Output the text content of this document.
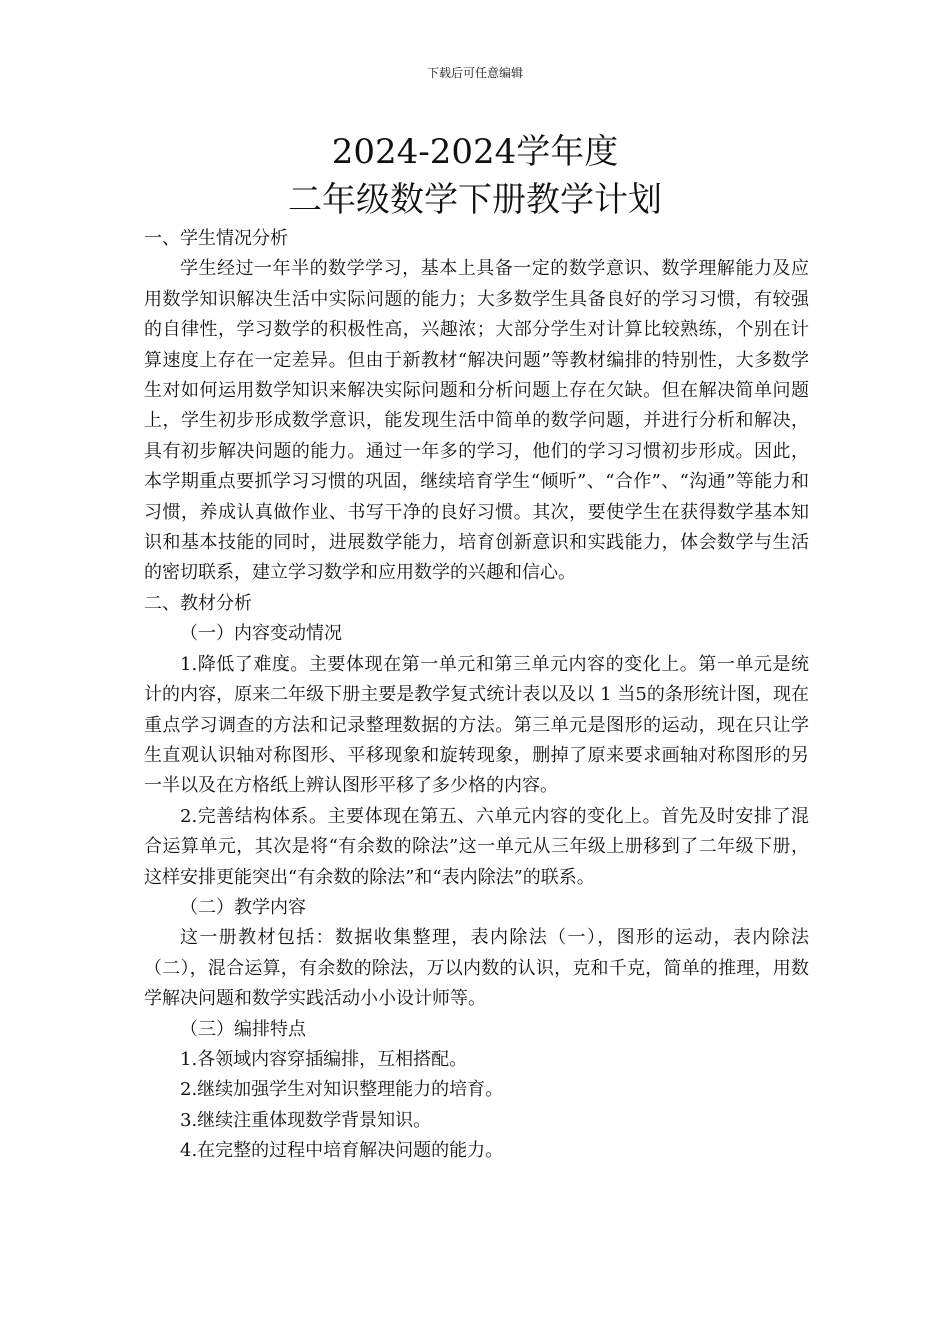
下载后可任意编辑
2024-2024学年度
二年级数学下册教学计划

一、学生情况分析

学生经过一年半的数学学习，基本上具备一定的数学意识、数学理解能力及应用数学知识解决生活中实际问题的能力；大多数学生具备良好的学习习惯，有较强的自律性，学习数学的积极性高，兴趣浓；大部分学生对计算比较熟练，个别在计算速度上存在一定差异。但由于新教材“解决问题”等教材编排的特别性，大多数学生对如何运用数学知识来解决实际问题和分析问题上存在欠缺。但在解决简单问题上，学生初步形成数学意识，能发现生活中简单的数学问题，并进行分析和解决，具有初步解决问题的能力。通过一年多的学习，他们的学习习惯初步形成。因此，本学期重点要抓学习习惯的巩固，继续培育学生“倾听”、“合作”、“沟通”等能力和习惯，养成认真做作业、书写干净的良好习惯。其次，要使学生在获得数学基本知识和基本技能的同时，进展数学能力，培育创新意识和实践能力，体会数学与生活的密切联系，建立学习数学和应用数学的兴趣和信心。

二、教材分析

（一）内容变动情况

1.降低了难度。主要体现在第一单元和第三单元内容的变化上。第一单元是统计的内容，原来二年级下册主要是教学复式统计表以及以 1 当5的条形统计图，现在重点学习调查的方法和记录整理数据的方法。第三单元是图形的运动，现在只让学生直观认识轴对称图形、平移现象和旋转现象，删掉了原来要求画轴对称图形的另一半以及在方格纸上辨认图形平移了多少格的内容。

2.完善结构体系。主要体现在第五、六单元内容的变化上。首先及时安排了混合运算单元，其次是将“有余数的除法”这一单元从三年级上册移到了二年级下册，这样安排更能突出“有余数的除法”和“表内除法”的联系。

（二）教学内容

这一册教材包括：数据收集整理，表内除法（一），图形的运动，表内除法（二），混合运算，有余数的除法，万以内数的认识，克和千克，简单的推理，用数学解决问题和数学实践活动小小设计师等。

（三）编排特点

1.各领域内容穿插编排，互相搭配。

2.继续加强学生对知识整理能力的培育。

3.继续注重体现数学背景知识。

4.在完整的过程中培育解决问题的能力。
